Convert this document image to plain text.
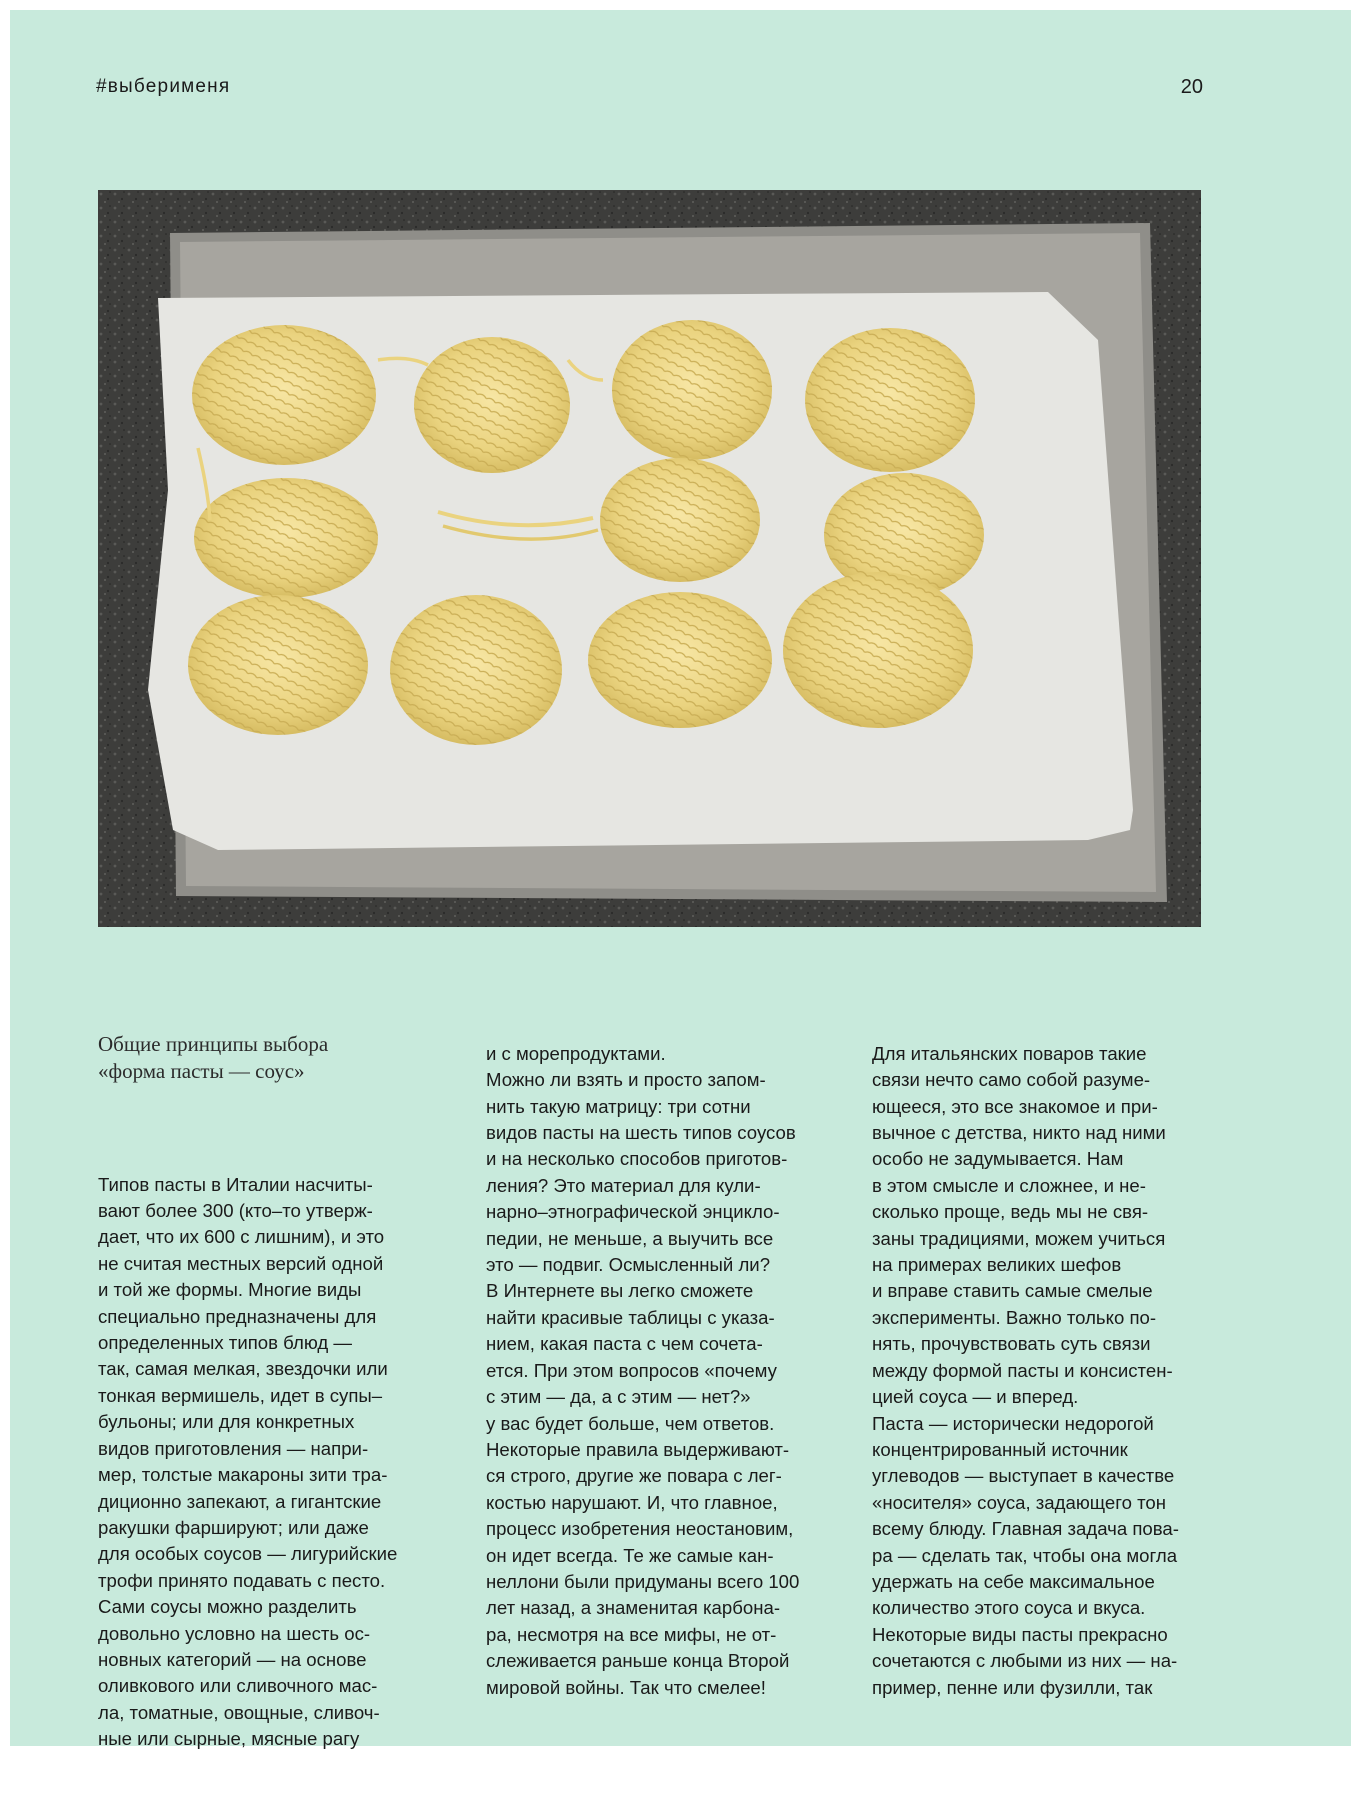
#выберименя	20

Общие принципы выбора
«форма пасты — соус»

Типов пасты в Италии насчиты-
вают более 300 (кто–то утверж-
дает, что их 600 с лишним), и это
не считая местных версий одной
и той же формы. Многие виды
специально предназначены для
определенных типов блюд —
так, самая мелкая, звездочки или
тонкая вермишель, идет в супы–
бульоны; или для конкретных
видов приготовления — напри-
мер, толстые макароны зити тра-
диционно запекают, а гигантские
ракушки фаршируют; или даже
для особых соусов — лигурийские
трофи принято подавать с песто.
Сами соусы можно разделить
довольно условно на шесть ос-
новных категорий — на основе
оливкового или сливочного мас-
ла, томатные, овощные, сливоч-
ные или сырные, мясные рагу

и с морепродуктами.
Можно ли взять и просто запом-
нить такую матрицу: три сотни
видов пасты на шесть типов соусов
и на несколько способов приготов-
ления? Это материал для кули-
нарно–этнографической энцикло-
педии, не меньше, а выучить все
это — подвиг. Осмысленный ли?
В Интернете вы легко сможете
найти красивые таблицы с указа-
нием, какая паста с чем сочета-
ется. При этом вопросов «почему
с этим — да, а с этим — нет?»
у вас будет больше, чем ответов.
Некоторые правила выдерживают-
ся строго, другие же повара с лег-
костью нарушают. И, что главное,
процесс изобретения неостановим,
он идет всегда. Те же самые кан-
неллони были придуманы всего 100
лет назад, а знаменитая карбона-
ра, несмотря на все мифы, не от-
слеживается раньше конца Второй
мировой войны. Так что смелее!

Для итальянских поваров такие
связи нечто само собой разуме-
ющееся, это все знакомое и при-
вычное с детства, никто над ними
особо не задумывается. Нам
в этом смысле и сложнее, и не-
сколько проще, ведь мы не свя-
заны традициями, можем учиться
на примерах великих шефов
и вправе ставить самые смелые
эксперименты. Важно только по-
нять, прочувствовать суть связи
между формой пасты и консистен-
цией соуса — и вперед.
Паста — исторически недорогой
концентрированный источник
углеводов — выступает в качестве
«носителя» соуса, задающего тон
всему блюду. Главная задача пова-
ра — сделать так, чтобы она могла
удержать на себе максимальное
количество этого соуса и вкуса.
Некоторые виды пасты прекрасно
сочетаются с любыми из них — на-
пример, пенне или фузилли, так
